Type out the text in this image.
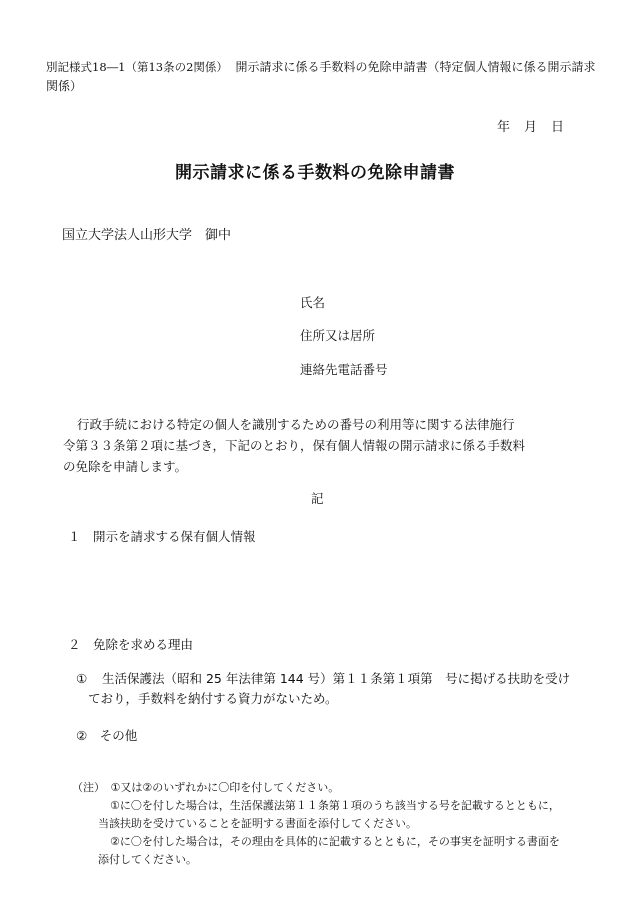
別記様式18―1（第13条の2関係） 開示請求に係る手数料の免除申請書（特定個人情報に係る開示請求関係）
年　月　日
開示請求に係る手数料の免除申請書
国立大学法人山形大学　御中
氏名
住所又は居所
連絡先電話番号
行政手続における特定の個人を識別するための番号の利用等に関する法律施行
令第３３条第２項に基づき，下記のとおり，保有個人情報の開示請求に係る手数料
の免除を申請します。
記
１　開示を請求する保有個人情報
２　免除を求める理由
① 生活保護法（昭和 25 年法律第 144 号）第１１条第１項第　号に掲げる扶助を受け
ており，手数料を納付する資力がないため。
②　その他
（注）　①又は②のいずれかに〇印を付してください。
①に〇を付した場合は，生活保護法第１１条第１項のうち該当する号を記載するとともに，
当該扶助を受けていることを証明する書面を添付してください。
②に〇を付した場合は，その理由を具体的に記載するとともに，その事実を証明する書面を
添付してください。
